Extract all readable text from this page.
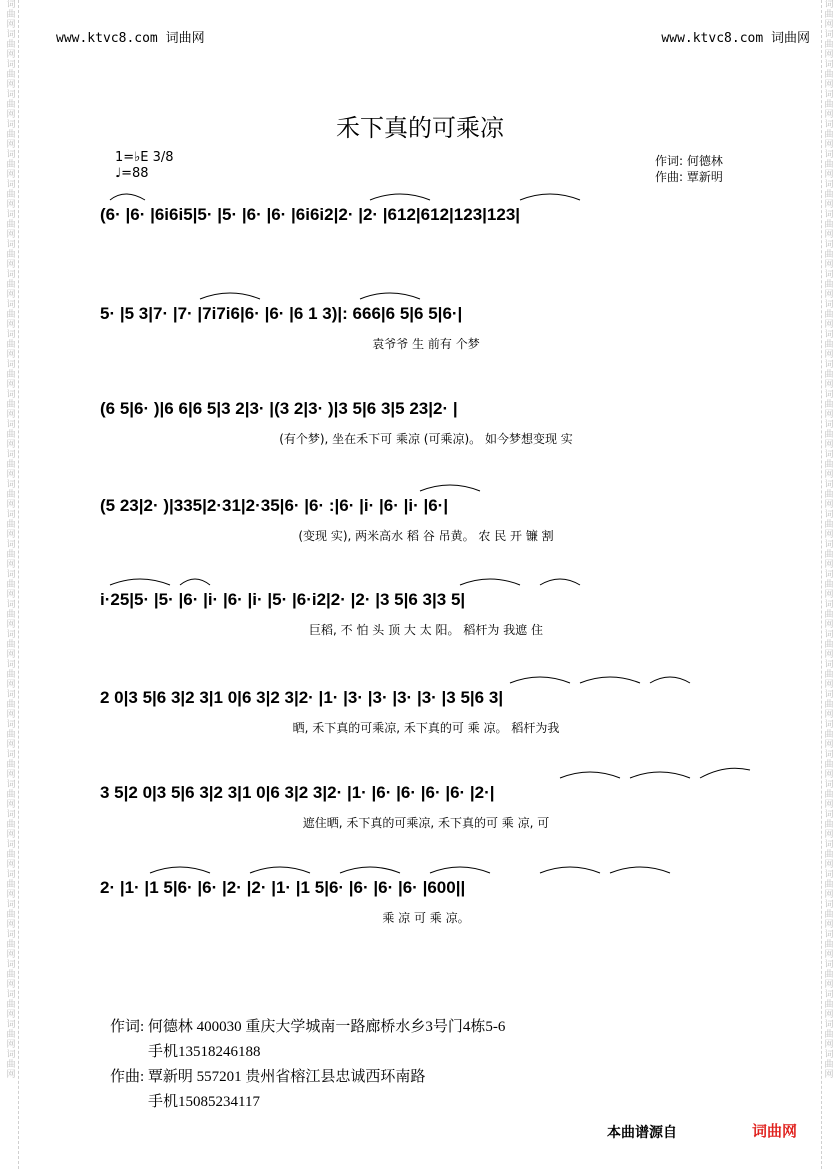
词曲网词曲网词曲网词曲网词曲网词曲网词曲网词曲网词曲网词曲网词曲网词曲网词曲网词曲网词曲网词曲网词曲网词曲网词曲网词曲网词曲网词曲网词曲网词曲网词曲网词曲网词曲网词曲网词曲网词曲网词曲网词曲网词曲网词曲网词曲网词曲网
词曲网词曲网词曲网词曲网词曲网词曲网词曲网词曲网词曲网词曲网词曲网词曲网词曲网词曲网词曲网词曲网词曲网词曲网词曲网词曲网词曲网词曲网词曲网词曲网词曲网词曲网词曲网词曲网词曲网词曲网词曲网词曲网词曲网词曲网词曲网词曲网
www.ktvc8.com 词曲网	www.ktvc8.com 词曲网
禾下真的可乘凉
1=♭E 3/8
♩=88
作词: 何德林
作曲: 覃新明
(6· |6· |6i6i5|5· |5· |6· |6· |6i6i2|2· |2· |612|612|123|123|
5· |5 3|7· |7· |7i7i6|6· |6· |6 1 3)|: 666|6 5|6 5|6·|
袁爷爷 生 前有 个梦
(6 5|6· )|6 6|6 5|3 2|3· |(3 2|3· )|3 5|6 3|5 23|2· |
(有个梦), 坐在禾下可 乘凉 (可乘凉)。 如今梦想变现 实
(5 23|2· )|335|2·31|2·35|6· |6· :|6· |i· |6· |i· |6·|
(变现 实), 两米高水 稻 谷 吊黄。 农 民 开 镰 割
i·25|5· |5· |6· |i· |6· |i· |5· |6·i2|2· |2· |3 5|6 3|3 5|
巨稻, 不 怕 头 顶 大 太 阳。 稻杆为 我遮 住
2 0|3 5|6 3|2 3|1 0|6 3|2 3|2· |1· |3· |3· |3· |3· |3 5|6 3|
晒, 禾下真的可乘凉, 禾下真的可 乘 凉。 稻杆为我
3 5|2 0|3 5|6 3|2 3|1 0|6 3|2 3|2· |1· |6· |6· |6· |6· |2·|
遮住晒, 禾下真的可乘凉, 禾下真的可 乘 凉, 可
2· |1· |1 5|6· |6· |2· |2· |1· |1 5|6· |6· |6· |6· |600||
乘 凉 可 乘 凉。
作词: 何德林 400030 重庆大学城南一路廊桥水乡3号门4栋5-6
手机13518246188
作曲: 覃新明 557201 贵州省榕江县忠诚西环南路
手机15085234117
本曲谱源自	词曲网
